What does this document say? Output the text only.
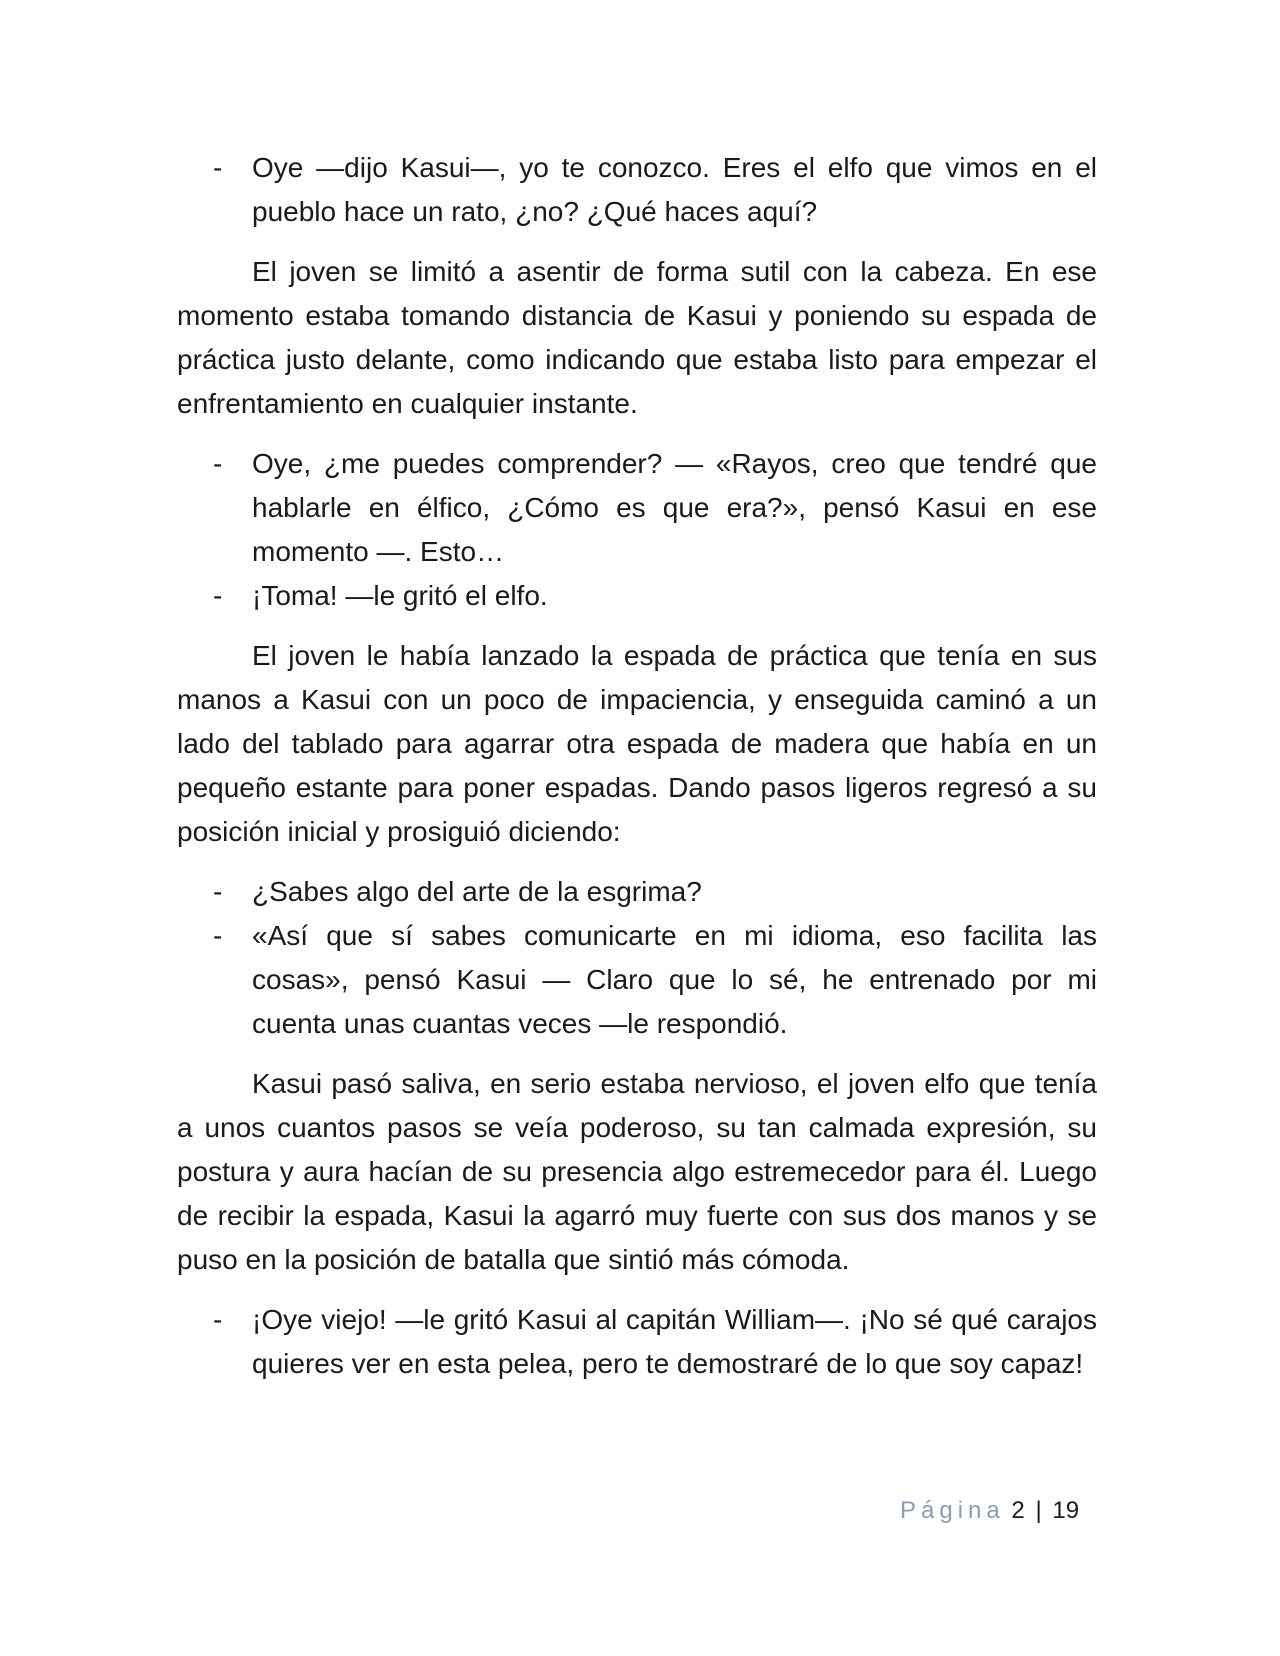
- Oye —dijo Kasui—, yo te conozco. Eres el elfo que vimos en el pueblo hace un rato, ¿no? ¿Qué haces aquí?

El joven se limitó a asentir de forma sutil con la cabeza. En ese momento estaba tomando distancia de Kasui y poniendo su espada de práctica justo delante, como indicando que estaba listo para empezar el enfrentamiento en cualquier instante.

- Oye, ¿me puedes comprender? — «Rayos, creo que tendré que hablarle en élfico, ¿Cómo es que era?», pensó Kasui en ese momento —. Esto…
- ¡Toma! —le gritó el elfo.

El joven le había lanzado la espada de práctica que tenía en sus manos a Kasui con un poco de impaciencia, y enseguida caminó a un lado del tablado para agarrar otra espada de madera que había en un pequeño estante para poner espadas. Dando pasos ligeros regresó a su posición inicial y prosiguió diciendo:

- ¿Sabes algo del arte de la esgrima?
- «Así que sí sabes comunicarte en mi idioma, eso facilita las cosas», pensó Kasui — Claro que lo sé, he entrenado por mi cuenta unas cuantas veces —le respondió.

Kasui pasó saliva, en serio estaba nervioso, el joven elfo que tenía a unos cuantos pasos se veía poderoso, su tan calmada expresión, su postura y aura hacían de su presencia algo estremecedor para él. Luego de recibir la espada, Kasui la agarró muy fuerte con sus dos manos y se puso en la posición de batalla que sintió más cómoda.

- ¡Oye viejo! —le gritó Kasui al capitán William—. ¡No sé qué carajos quieres ver en esta pelea, pero te demostraré de lo que soy capaz!
Página 2 | 19
